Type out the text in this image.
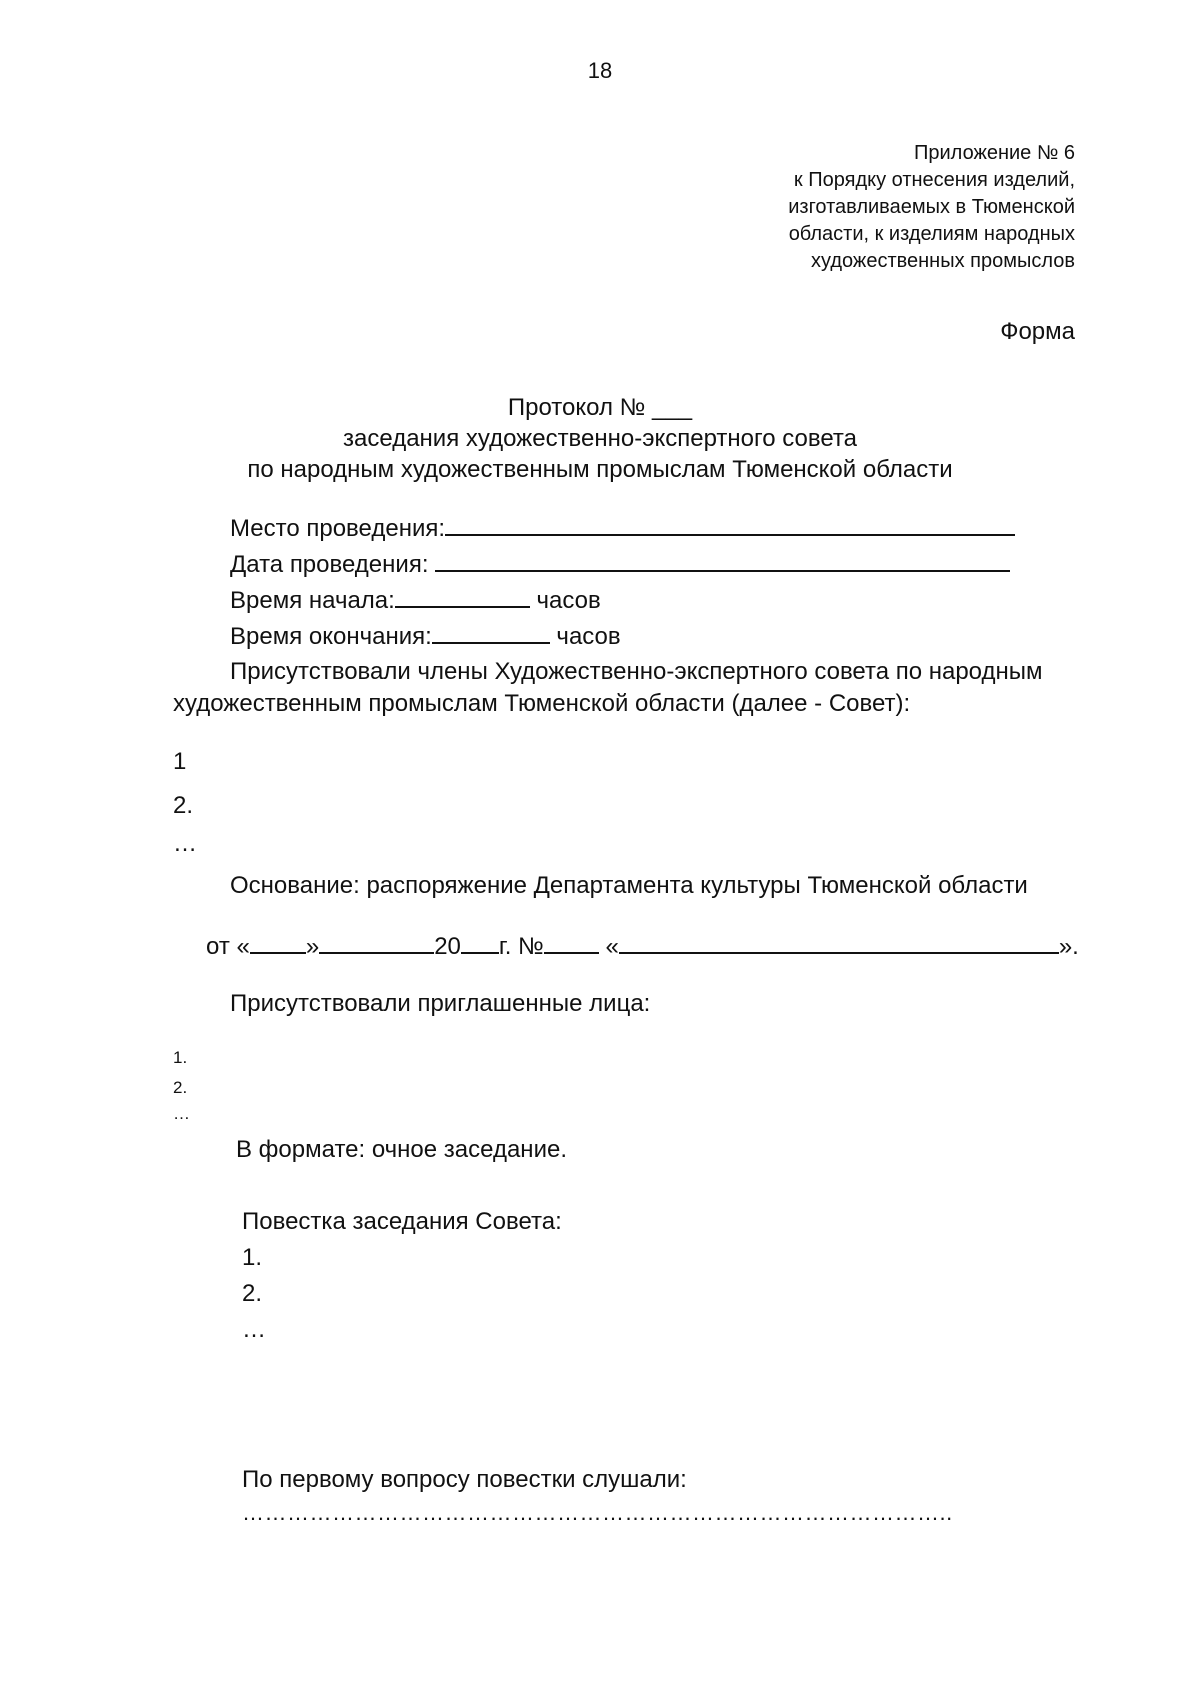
18
Приложение № 6
к Порядку отнесения изделий,
изготавливаемых в Тюменской
области, к изделиям народных
художественных промыслов
Форма
Протокол № ___
заседания художественно-экспертного совета
по народным художественным промыслам Тюменской области
Место проведения:
Дата проведения:
Время начала:	часов
Время окончания:	часов
Присутствовали члены Художественно-экспертного совета по народным
художественным промыслам Тюменской области (далее - Совет):
1
2.
…
Основание: распоряжение Департамента культуры Тюменской области
от « »	20 г. № «	».
Присутствовали приглашенные лица:
1.
2.
…
В формате: очное заседание.
Повестка заседания Совета:
1.
2.
…
По первому вопросу повестки слушали:
…………………………………………………………………………………..
